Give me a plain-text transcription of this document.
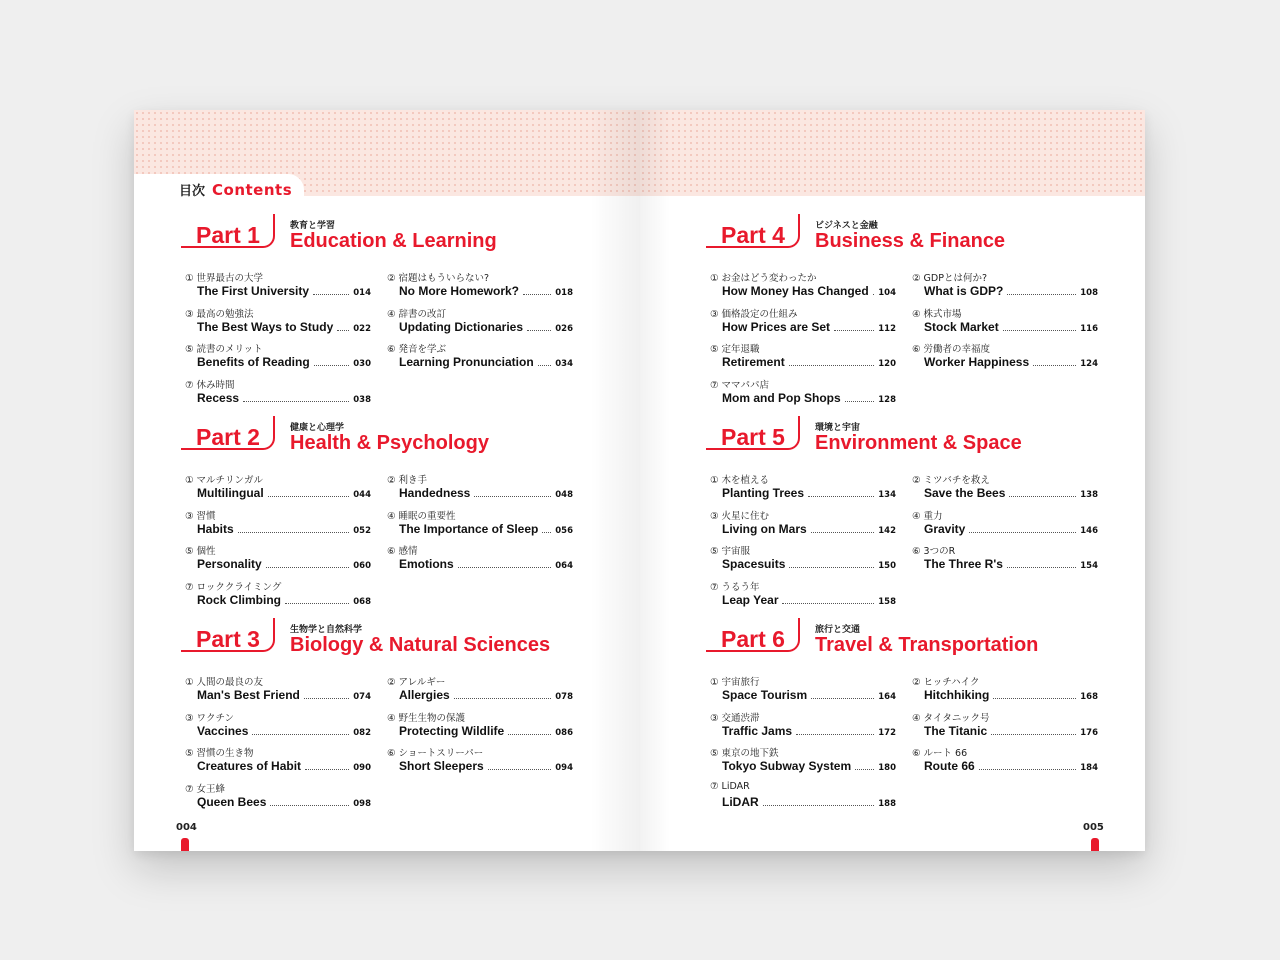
目次 Contents
004	005
Part 1	教育と学習
Education & Learning
① 世界最古の大学
The First University	014
② 宿題はもういらない?
No More Homework?	018
③ 最高の勉強法
The Best Ways to Study 022
④ 辞書の改訂
Updating Dictionaries	026
⑤ 読書のメリット
Benefits of Reading	030
⑥ 発音を学ぶ
Learning Pronunciation	034
⑦ 休み時間
Recess	038
Part 2	健康と心理学
Health & Psychology
① マルチリンガル
Multilingual	044
② 利き手
Handedness	048
③ 習慣
Habits	052
④ 睡眠の重要性
The Importance of Sleep 056
⑤ 個性
Personality	060
⑥ 感情
Emotions	064
⑦ ロッククライミング
Rock Climbing	068
Part 3	生物学と自然科学
Biology & Natural Sciences
① 人間の最良の友
Man's Best Friend	074
② アレルギー
Allergies	078
③ ワクチン
Vaccines	082
④ 野生生物の保護
Protecting Wildlife	086
⑤ 習慣の生き物
Creatures of Habit	090
⑥ ショートスリーパー
Short Sleepers	094
⑦ 女王蜂
Queen Bees	098
Part 4	ビジネスと金融
Business & Finance
① お金はどう変わったか
How Money Has Changed 104
② GDPとは何か?
What is GDP?	108
③ 価格設定の仕組み
How Prices are Set	112
④ 株式市場
Stock Market	116
⑤ 定年退職
Retirement	120
⑥ 労働者の幸福度
Worker Happiness	124
⑦ ママパパ店
Mom and Pop Shops	128
Part 5	環境と宇宙
Environment & Space
① 木を植える
Planting Trees	134
② ミツバチを救え
Save the Bees	138
③ 火星に住む
Living on Mars	142
④ 重力
Gravity	146
⑤ 宇宙服
Spacesuits	150
⑥ 3つのR
The Three R's	154
⑦ うるう年
Leap Year	158
Part 6	旅行と交通
Travel & Transportation
① 宇宙旅行
Space Tourism	164
② ヒッチハイク
Hitchhiking	168
③ 交通渋滞
Traffic Jams	172
④ タイタニック号
The Titanic	176
⑤ 東京の地下鉄
Tokyo Subway System	180
⑥ ルート 66
Route 66	184
⑦ LiDAR
LiDAR	188
